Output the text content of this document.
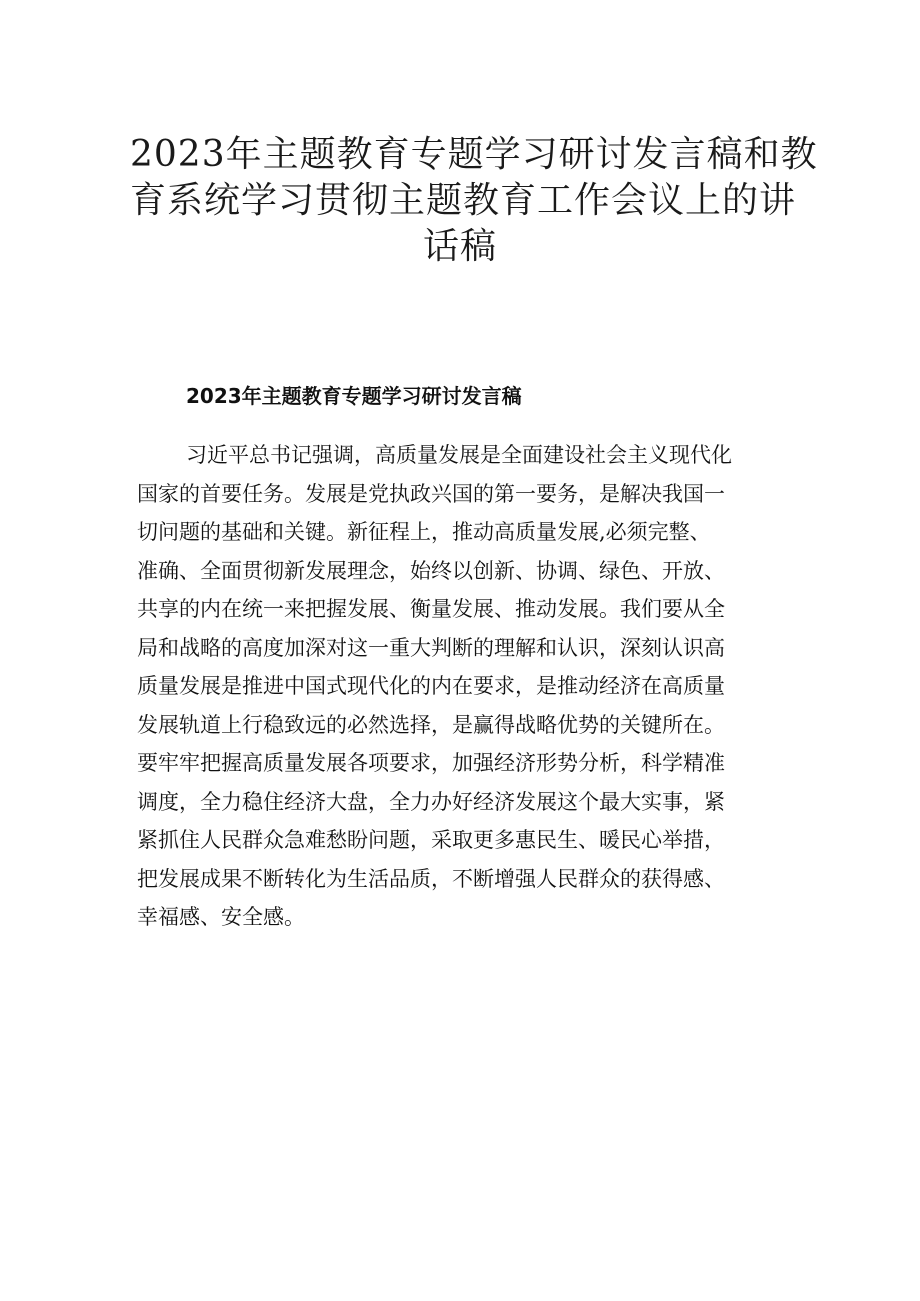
2023年主题教育专题学习研讨发言稿和教
育系统学习贯彻主题教育工作会议上的讲
话稿
2023年主题教育专题学习研讨发言稿
习近平总书记强调，高质量发展是全面建设社会主义现代化
国家的首要任务。发展是党执政兴国的第一要务，是解决我国一
切问题的基础和关键。新征程上，推动高质量发展,必须完整、
准确、全面贯彻新发展理念，始终以创新、协调、绿色、开放、
共享的内在统一来把握发展、衡量发展、推动发展。我们要从全
局和战略的高度加深对这一重大判断的理解和认识，深刻认识高
质量发展是推进中国式现代化的内在要求，是推动经济在高质量
发展轨道上行稳致远的必然选择，是赢得战略优势的关键所在。
要牢牢把握高质量发展各项要求，加强经济形势分析，科学精准
调度，全力稳住经济大盘，全力办好经济发展这个最大实事，紧
紧抓住人民群众急难愁盼问题，采取更多惠民生、暖民心举措，
把发展成果不断转化为生活品质，不断增强人民群众的获得感、
幸福感、安全感。
